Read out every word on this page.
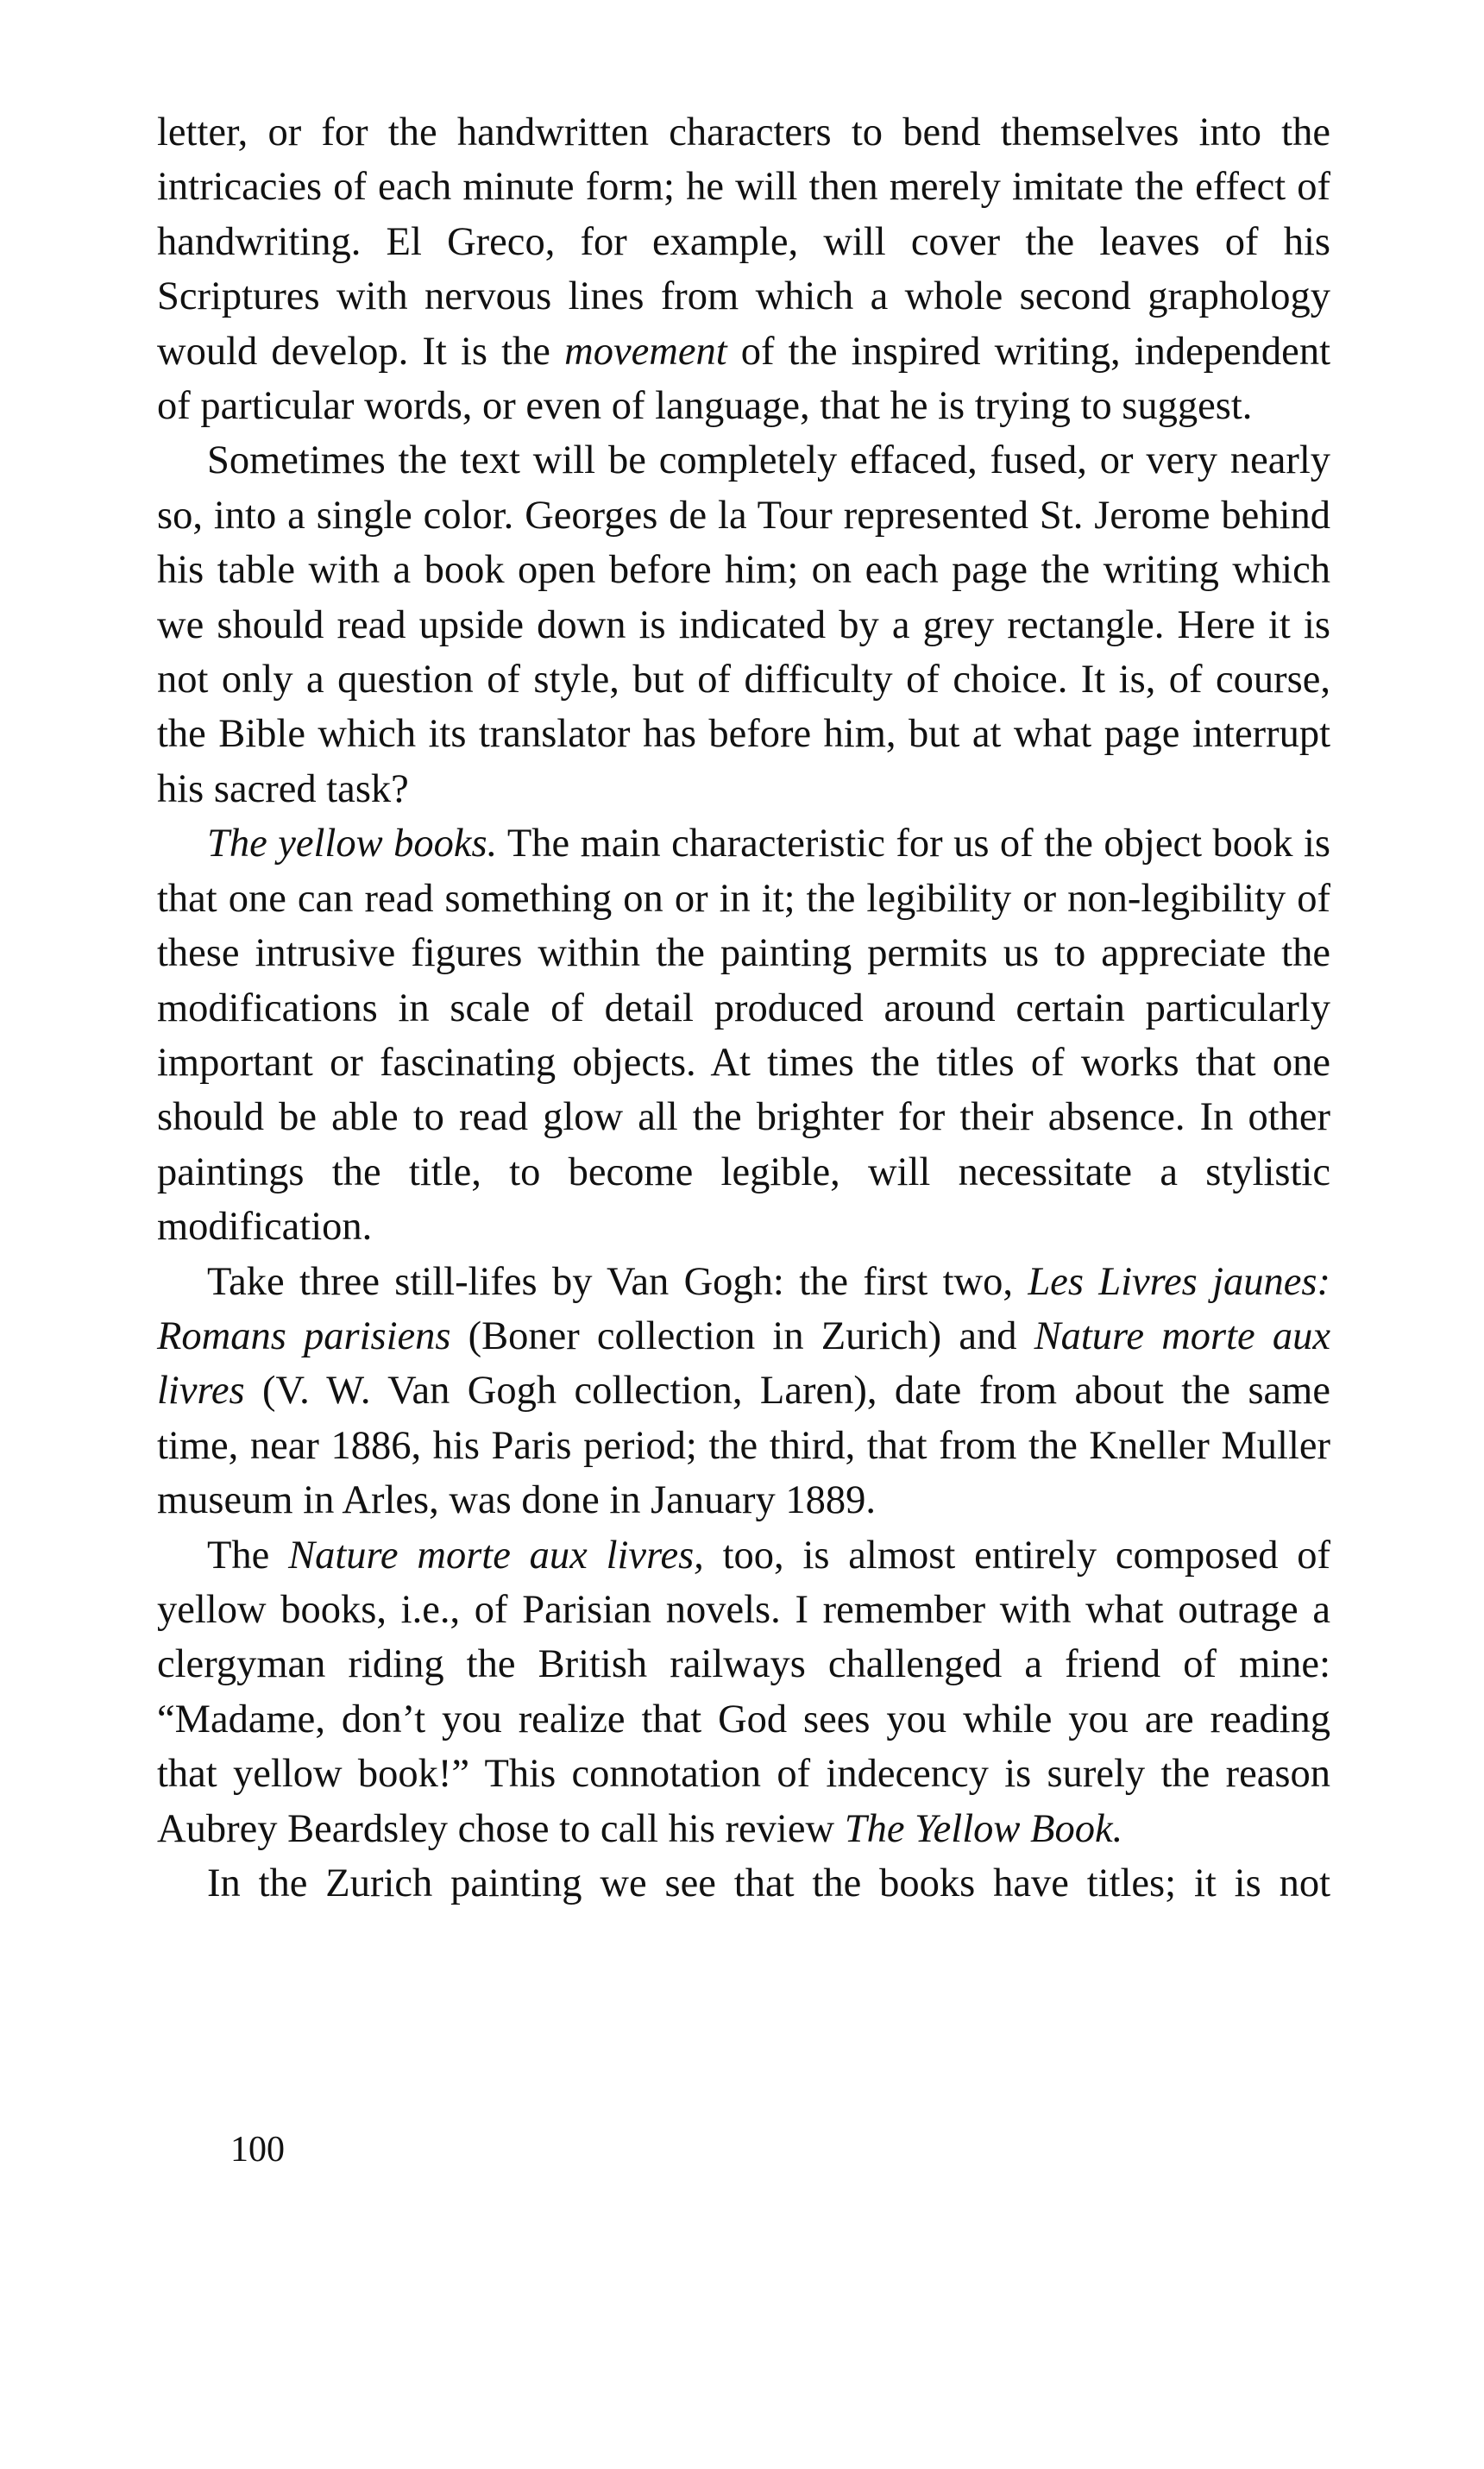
letter, or for the handwritten characters to bend themselves into the intricacies of each minute form; he will then merely imitate the effect of handwriting. El Greco, for example, will cover the leaves of his Scriptures with nervous lines from which a whole second graphology would develop. It is the movement of the inspired writing, independent of particular words, or even of language, that he is trying to suggest.

Sometimes the text will be completely effaced, fused, or very nearly so, into a single color. Georges de la Tour represented St. Jerome behind his table with a book open before him; on each page the writing which we should read upside down is indicated by a grey rectangle. Here it is not only a question of style, but of difficulty of choice. It is, of course, the Bible which its translator has before him, but at what page interrupt his sacred task?

The yellow books. The main characteristic for us of the object book is that one can read something on or in it; the legibility or non-legibility of these intrusive figures within the painting permits us to appreciate the modifications in scale of detail produced around certain particularly important or fascinating objects. At times the titles of works that one should be able to read glow all the brighter for their absence. In other paintings the title, to become legible, will necessitate a stylistic modification.

Take three still-lifes by Van Gogh: the first two, Les Livres jaunes: Romans parisiens (Boner collection in Zurich) and Nature morte aux livres (V. W. Van Gogh collection, Laren), date from about the same time, near 1886, his Paris period; the third, that from the Kneller Muller museum in Arles, was done in January 1889.

The Nature morte aux livres, too, is almost entirely composed of yellow books, i.e., of Parisian novels. I remember with what outrage a clergyman riding the British railways challenged a friend of mine: “Madame, don’t you realize that God sees you while you are reading that yellow book!” This connotation of indecency is surely the reason Aubrey Beardsley chose to call his review The Yellow Book.

In the Zurich painting we see that the books have titles; it is not

100
